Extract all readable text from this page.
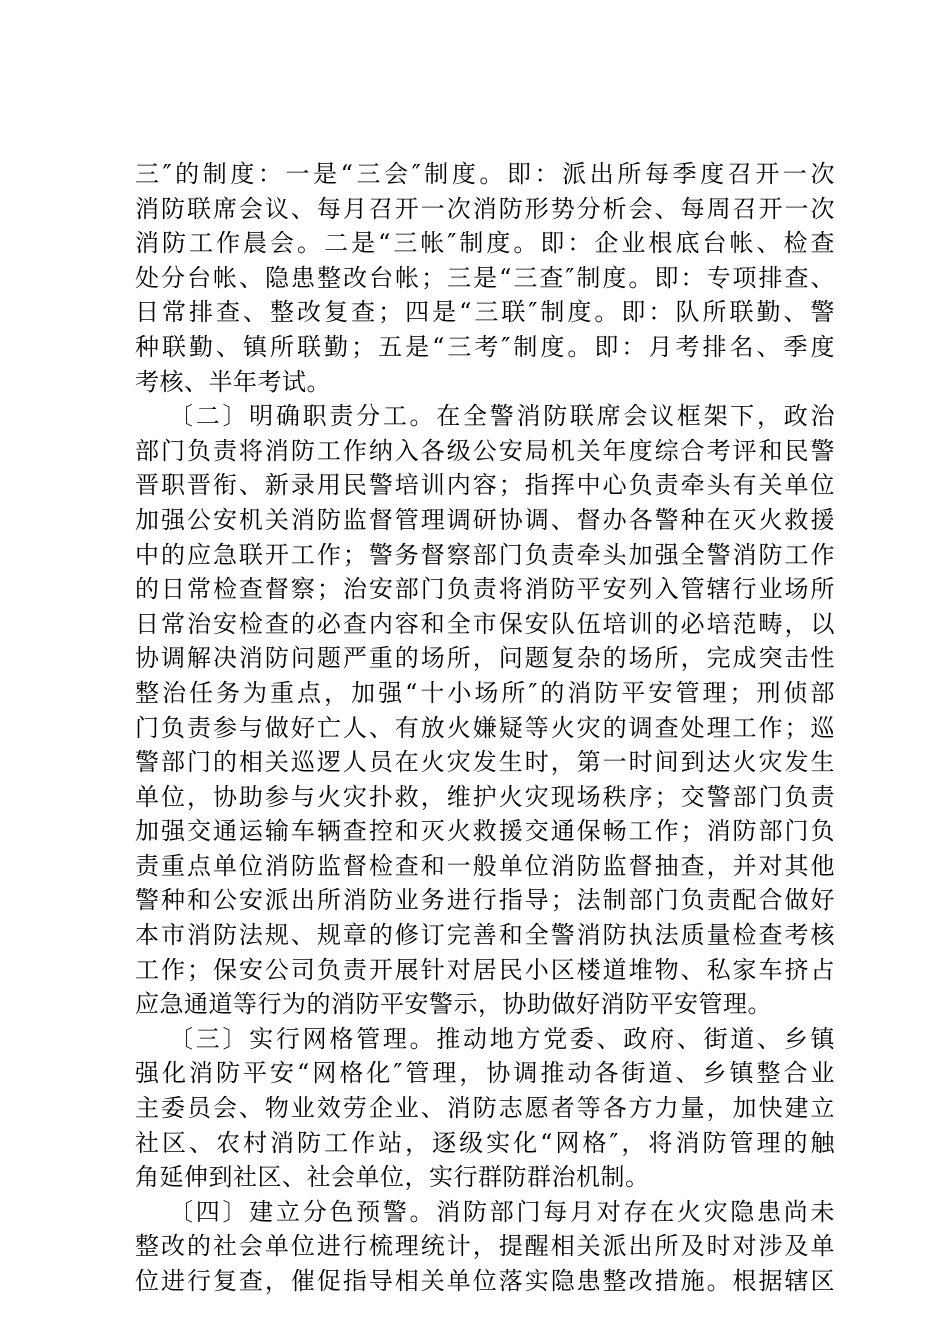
三″的制度：一是“三会″制度。即：派出所每季度召开一次
消防联席会议、每月召开一次消防形势分析会、每周召开一次
消防工作晨会。二是“三帐″制度。即：企业根底台帐、检查
处分台帐、隐患整改台帐；三是“三查″制度。即：专项排查、
日常排查、整改复查；四是“三联″制度。即：队所联勤、警
种联勤、镇所联勤；五是“三考″制度。即：月考排名、季度
考核、半年考试。
〔二〕明确职责分工。在全警消防联席会议框架下，政治
部门负责将消防工作纳入各级公安局机关年度综合考评和民警
晋职晋衔、新录用民警培训内容；指挥中心负责牵头有关单位
加强公安机关消防监督管理调研协调、督办各警种在灭火救援
中的应急联开工作；警务督察部门负责牵头加强全警消防工作
的日常检查督察；治安部门负责将消防平安列入管辖行业场所
日常治安检查的必查内容和全市保安队伍培训的必培范畴，以
协调解决消防问题严重的场所，问题复杂的场所，完成突击性
整治任务为重点，加强“十小场所″的消防平安管理；刑侦部
门负责参与做好亡人、有放火嫌疑等火灾的调查处理工作；巡
警部门的相关巡逻人员在火灾发生时，第一时间到达火灾发生
单位，协助参与火灾扑救，维护火灾现场秩序；交警部门负责
加强交通运输车辆查控和灭火救援交通保畅工作；消防部门负
责重点单位消防监督检查和一般单位消防监督抽查，并对其他
警种和公安派出所消防业务进行指导；法制部门负责配合做好
本市消防法规、规章的修订完善和全警消防执法质量检查考核
工作；保安公司负责开展针对居民小区楼道堆物、私家车挤占
应急通道等行为的消防平安警示，协助做好消防平安管理。
〔三〕实行网格管理。推动地方党委、政府、街道、乡镇
强化消防平安“网格化″管理，协调推动各街道、乡镇整合业
主委员会、物业效劳企业、消防志愿者等各方力量，加快建立
社区、农村消防工作站，逐级实化“网格″，将消防管理的触
角延伸到社区、社会单位，实行群防群治机制。
〔四〕建立分色预警。消防部门每月对存在火灾隐患尚未
整改的社会单位进行梳理统计，提醒相关派出所及时对涉及单
位进行复查，催促指导相关单位落实隐患整改措施。根据辖区
